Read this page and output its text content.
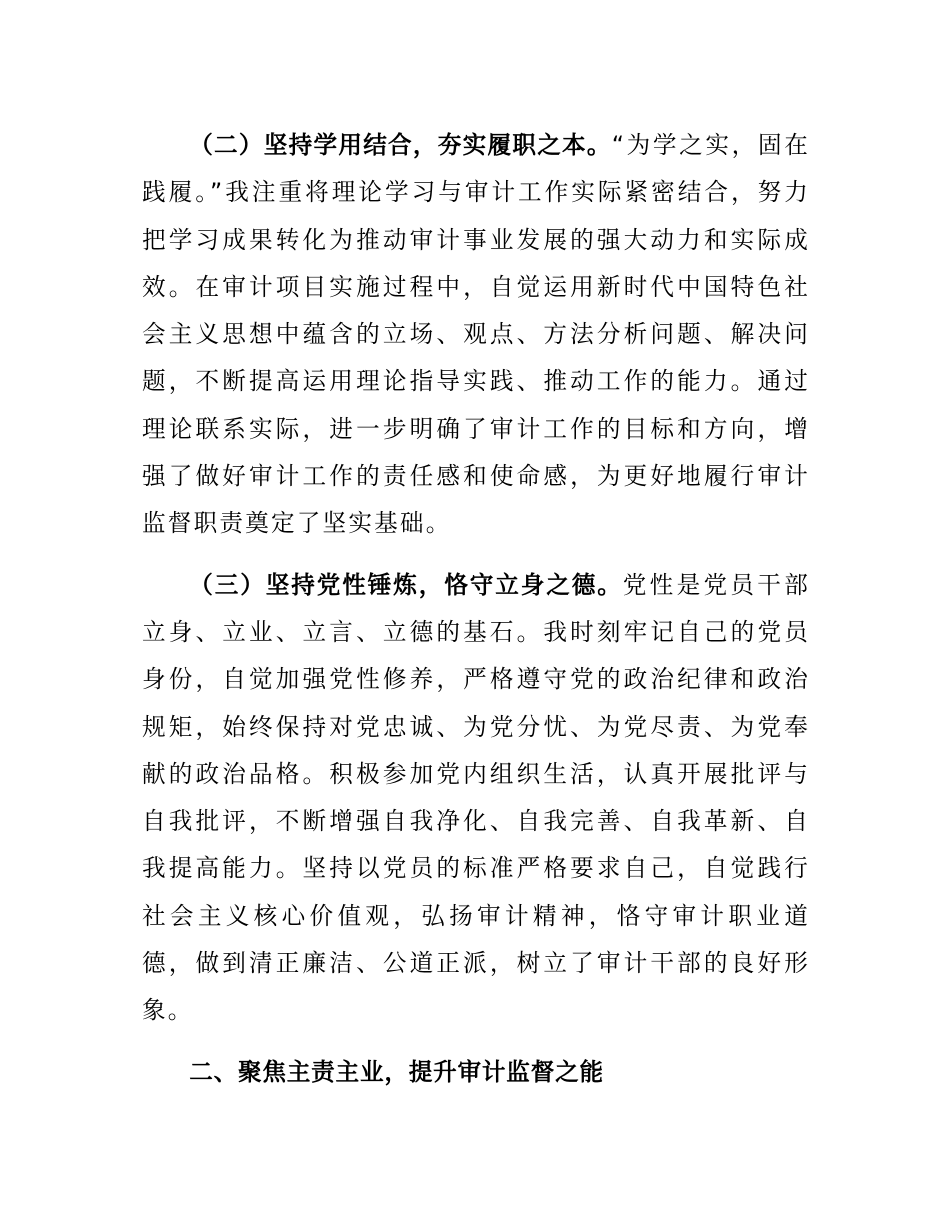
（二）坚持学用结合，夯实履职之本。“为学之实，固在践履。”我注重将理论学习与审计工作实际紧密结合，努力把学习成果转化为推动审计事业发展的强大动力和实际成效。在审计项目实施过程中，自觉运用新时代中国特色社会主义思想中蕴含的立场、观点、方法分析问题、解决问题，不断提高运用理论指导实践、推动工作的能力。通过理论联系实际，进一步明确了审计工作的目标和方向，增强了做好审计工作的责任感和使命感，为更好地履行审计监督职责奠定了坚实基础。

（三）坚持党性锤炼，恪守立身之德。党性是党员干部立身、立业、立言、立德的基石。我时刻牢记自己的党员身份，自觉加强党性修养，严格遵守党的政治纪律和政治规矩，始终保持对党忠诚、为党分忧、为党尽责、为党奉献的政治品格。积极参加党内组织生活，认真开展批评与自我批评，不断增强自我净化、自我完善、自我革新、自我提高能力。坚持以党员的标准严格要求自己，自觉践行社会主义核心价值观，弘扬审计精神，恪守审计职业道德，做到清正廉洁、公道正派，树立了审计干部的良好形象。

二、聚焦主责主业，提升审计监督之能
